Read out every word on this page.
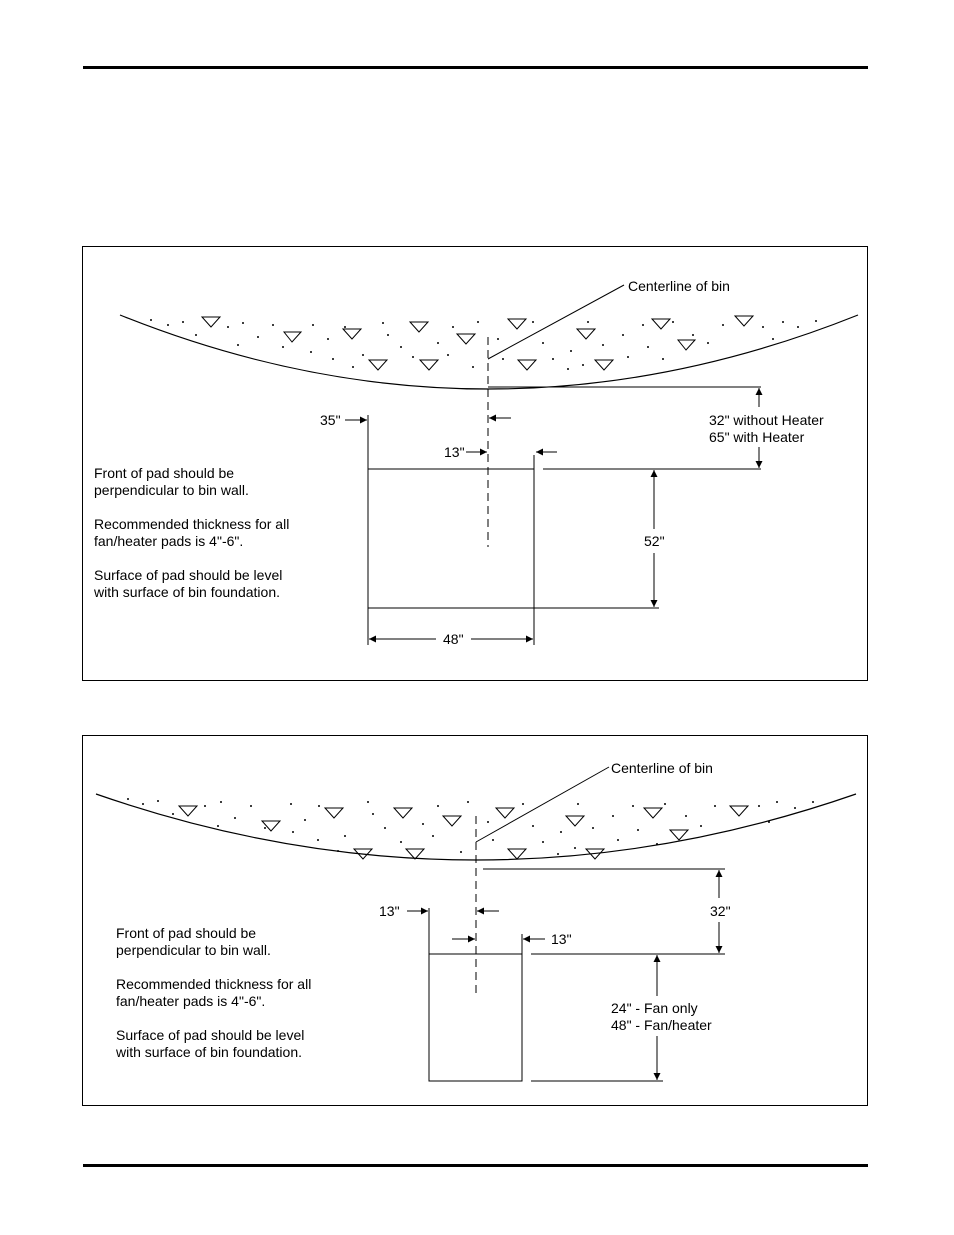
Centerline of bin
35"
13"
32" without Heater
65" with Heater
52"
48"

Front of pad should be
perpendicular to bin wall.

Recommended thickness for all
fan/heater pads is 4"-6".

Surface of pad should be level
with surface of bin foundation.

Centerline of bin
13"
13"
32"
24" - Fan only
48" - Fan/heater

Front of pad should be
perpendicular to bin wall.

Recommended thickness for all
fan/heater pads is 4"-6".

Surface of pad should be level
with surface of bin foundation.
